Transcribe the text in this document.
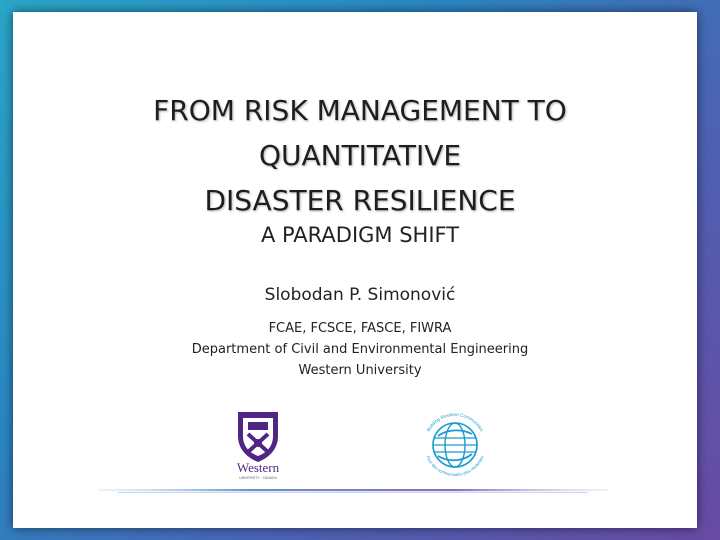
FROM RISK MANAGEMENT TO
QUANTITATIVE
DISASTER RESILIENCE
A PARADIGM SHIFT
Slobodan P. Simonović
FCAE, FCSCE, FASCE, FIWRA
Department of Civil and Environmental Engineering
Western University
Western
UNIVERSITY · CANADA
Building Resilient Communities
Pour des communautés plus résilientes
